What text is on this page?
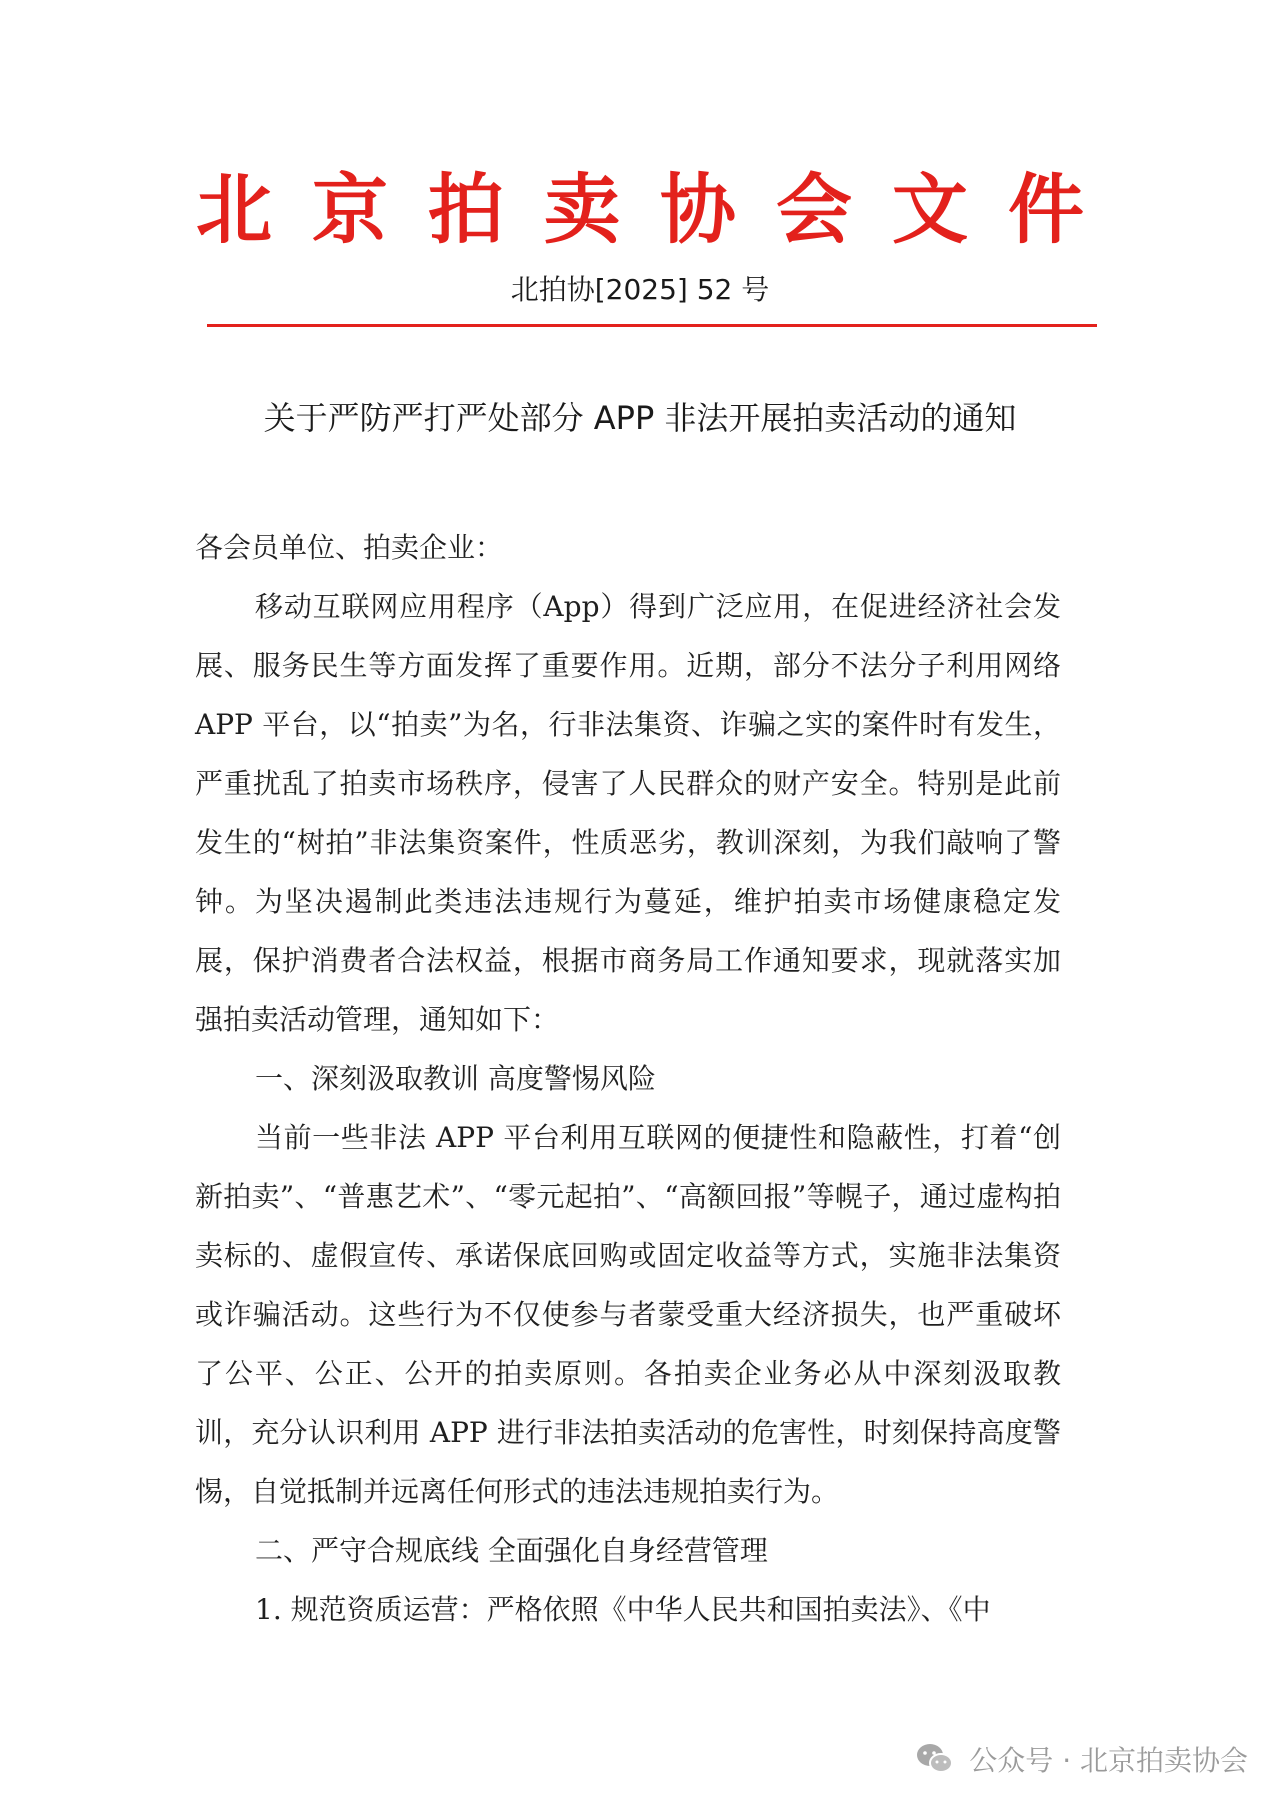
北京拍卖协会文件
北拍协[2025] 52 号
关于严防严打严处部分 APP 非法开展拍卖活动的通知

各会员单位、拍卖企业：

移动互联网应用程序（App）得到广泛应用，在促进经济社会发展、服务民生等方面发挥了重要作用。近期，部分不法分子利用网络 APP 平台，以“拍卖”为名，行非法集资、诈骗之实的案件时有发生，严重扰乱了拍卖市场秩序，侵害了人民群众的财产安全。特别是此前发生的“树拍”非法集资案件，性质恶劣，教训深刻，为我们敲响了警钟。为坚决遏制此类违法违规行为蔓延，维护拍卖市场健康稳定发展，保护消费者合法权益，根据市商务局工作通知要求，现就落实加强拍卖活动管理，通知如下：

一、深刻汲取教训 高度警惕风险

当前一些非法 APP 平台利用互联网的便捷性和隐蔽性，打着“创新拍卖”、“普惠艺术”、“零元起拍”、“高额回报”等幌子，通过虚构拍卖标的、虚假宣传、承诺保底回购或固定收益等方式，实施非法集资或诈骗活动。这些行为不仅使参与者蒙受重大经济损失，也严重破坏了公平、公正、公开的拍卖原则。各拍卖企业务必从中深刻汲取教训，充分认识利用 APP 进行非法拍卖活动的危害性，时刻保持高度警惕，自觉抵制并远离任何形式的违法违规拍卖行为。

二、严守合规底线 全面强化自身经营管理

1. 规范资质运营：严格依照《中华人民共和国拍卖法》、《中

公众号 · 北京拍卖协会
